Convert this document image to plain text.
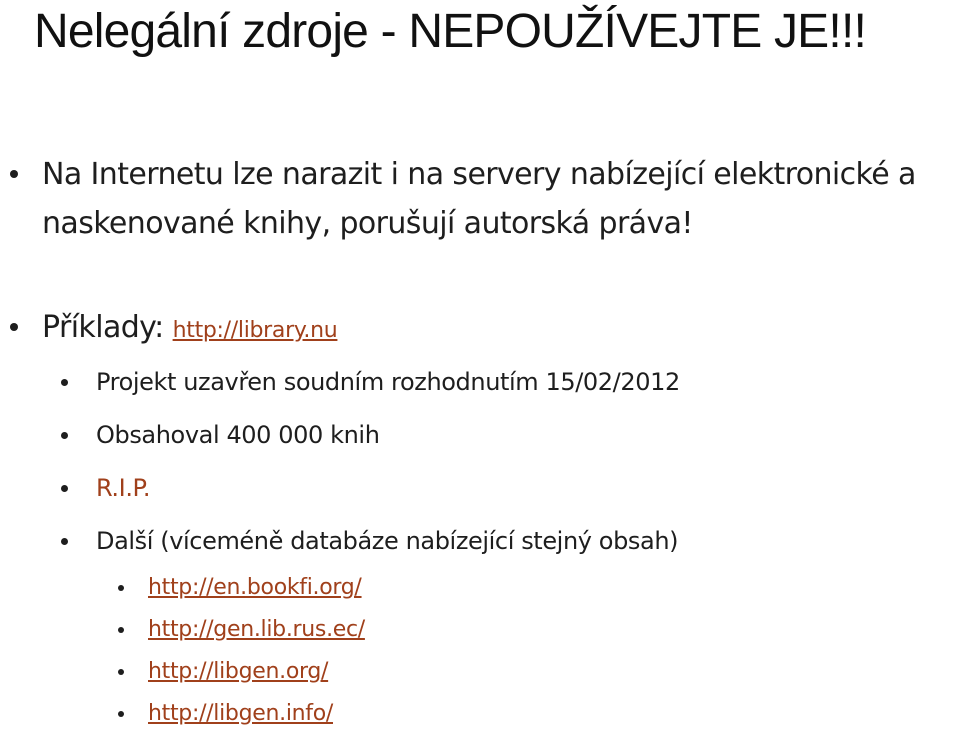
Nelegální zdroje - NEPOUŽÍVEJTE JE!!!
Na Internetu lze narazit i na servery nabízející elektronické a naskenované knihy, porušují autorská práva!
Příklady: http://library.nu
Projekt uzavřen soudním rozhodnutím 15/02/2012
Obsahoval 400 000 knih
R.I.P.
Další (víceméně databáze nabízející stejný obsah)
http://en.bookfi.org/
http://gen.lib.rus.ec/
http://libgen.org/
http://libgen.info/
